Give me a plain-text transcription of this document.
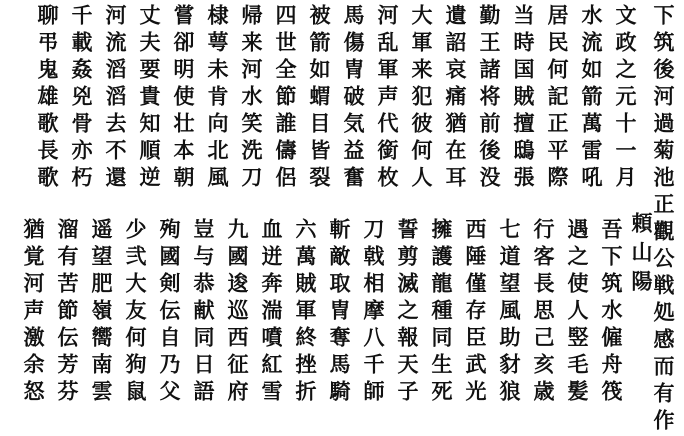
下筑後河過菊池正觀公戦処感而有作

頼山陽

文政之元十一月

水流如箭萬雷吼

居民何記正平際

当時国賊擅鴟張

勤王諸将前後没

遺詔哀痛猶在耳

大軍来犯彼何人

河乱軍声代銜枚

馬傷冑破気益奮

被箭如蝟目皆裂

四世全節誰儔侶

帰来河水笑洗刀

棣萼未肯向北風

嘗卻明使壮本朝

丈夫要貴知順逆

河流滔滔去不還

千載姦兇骨亦朽

聊弔鬼雄歌長歌

吾下筑水僱舟筏

遇之使人竪毛髪

行客長思己亥歳

七道望風助豺狼

西陲僅存臣武光

擁護龍種同生死

誓剪滅之報天子

刀戟相摩八千師

斬敵取冑奪馬騎

六萬賊軍終挫折

血迸奔湍噴紅雪

九國逡巡西征府

豈与恭献同日語

殉國剣伝自乃父

少弐大友何狗鼠

遥望肥嶺嚮南雲

溜有苦節伝芳芬

猶覚河声激余怒
